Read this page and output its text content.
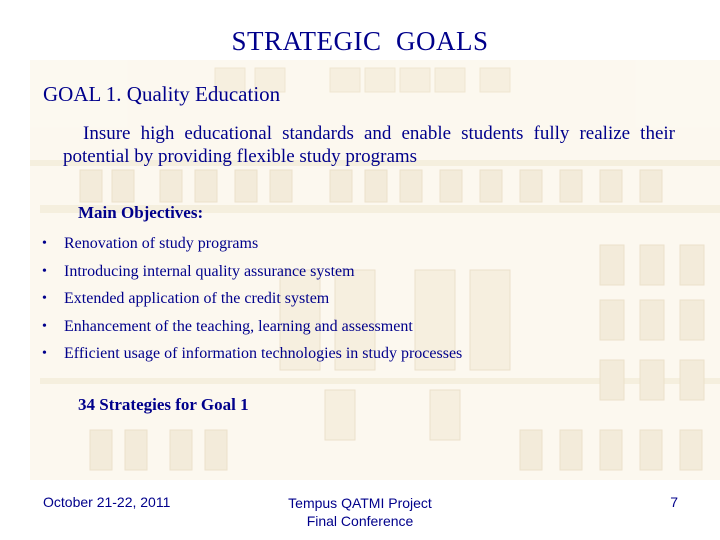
STRATEGIC  GOALS
GOAL 1. Quality Education
Insure high educational standards and enable students fully realize their potential by providing flexible study programs
Main Objectives:
• Renovation of study programs
• Introducing internal quality assurance system
• Extended application of the credit system
• Enhancement of the teaching, learning and assessment
• Efficient usage of information technologies in study processes
34 Strategies for Goal 1
October 21-22, 2011	Tempus QATMI Project
Final Conference
7
